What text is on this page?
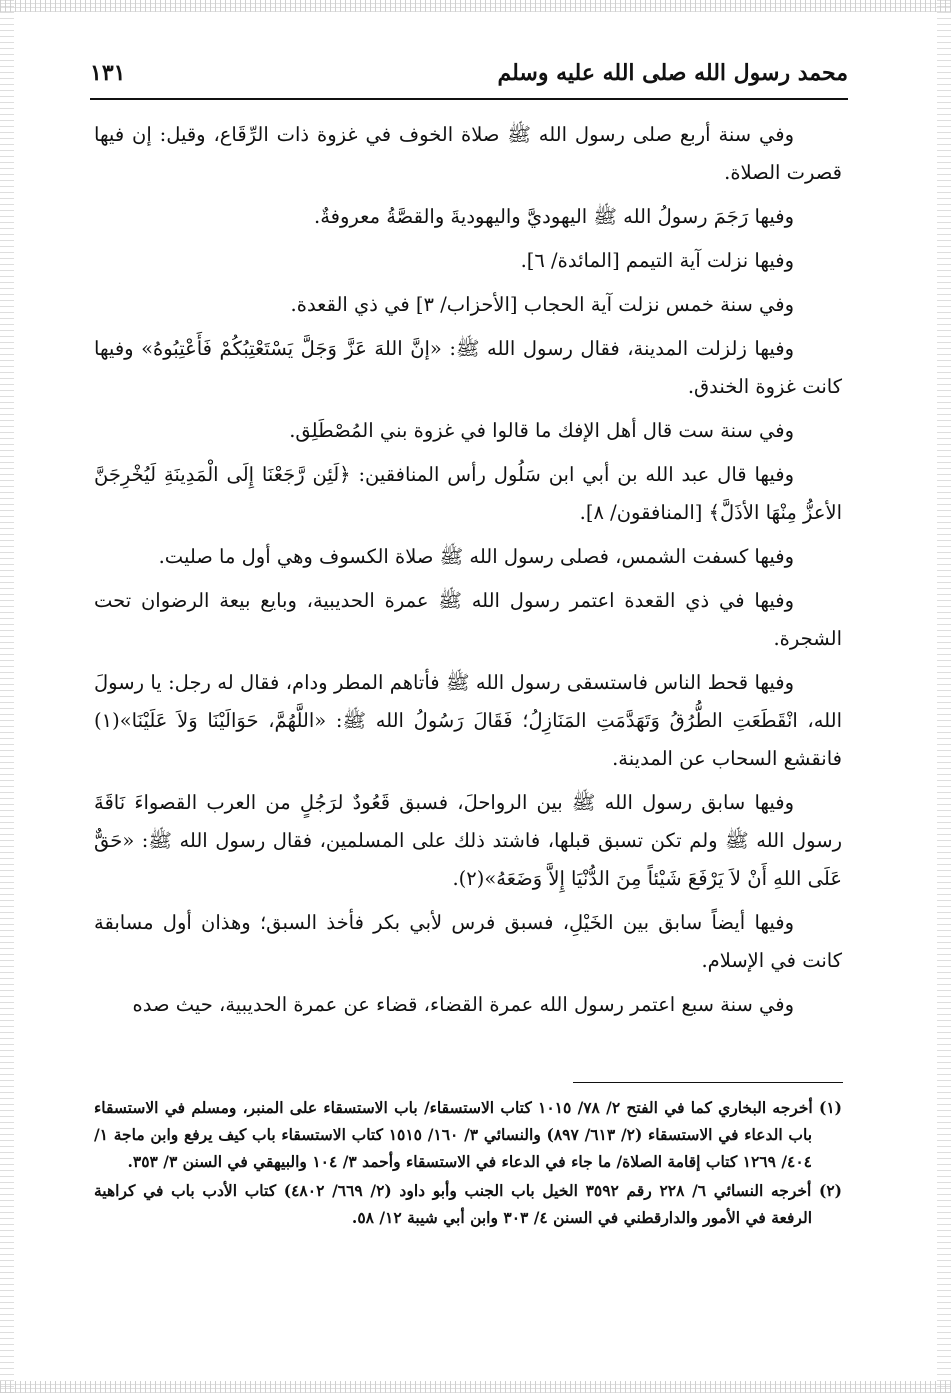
محمد رسول الله صلى الله عليه وسلم
١٣١

وفي سنة أربع صلى رسول الله ﷺ صلاة الخوف في غزوة ذات الرِّقَاع، وقيل: إن فيها قصرت الصلاة.

وفيها رَجَمَ رسولُ الله ﷺ اليهوديَّ واليهوديةَ والقصَّةُ معروفةٌ.

وفيها نزلت آية التيمم [المائدة/ ٦].

وفي سنة خمس نزلت آية الحجاب [الأحزاب/ ٣] في ذي القعدة.

وفيها زلزلت المدينة، فقال رسول الله ﷺ: «إنَّ اللهَ عَزَّ وَجَلَّ يَسْتَعْتِبُكُمْ فَأَعْتِبُوهُ» وفيها كانت غزوة الخندق.

وفي سنة ست قال أهل الإفك ما قالوا في غزوة بني المُصْطَلِق.

وفيها قال عبد الله بن أبي ابن سَلُول رأس المنافقين: ﴿لَئِن رَّجَعْنَا إِلَى الْمَدِينَةِ لَيُخْرِجَنَّ الأعزُّ مِنْهَا الأذَلَّ﴾ [المنافقون/ ٨].

وفيها كسفت الشمس، فصلى رسول الله ﷺ صلاة الكسوف وهي أول ما صليت.

وفيها في ذي القعدة اعتمر رسول الله ﷺ عمرة الحديبية، وبايع بيعة الرضوان تحت الشجرة.

وفيها قحط الناس فاستسقى رسول الله ﷺ فأتاهم المطر ودام، فقال له رجل: يا رسولَ الله، انْقَطَعَتِ الطُّرُقُ وَتَهَدَّمَتِ المَنَازِلُ؛ فَقَالَ رَسُولُ الله ﷺ: «اللَّهُمَّ، حَوَالَيْنَا وَلاَ عَلَيْنَا»(١) فانقشع السحاب عن المدينة.

وفيها سابق رسول الله ﷺ بين الرواحلَ، فسبق قَعُودٌ لرَجُلٍ من العرب القصواءَ نَاقَةَ رسول الله ﷺ ولم تكن تسبق قبلها، فاشتد ذلك على المسلمين، فقال رسول الله ﷺ: «حَقٌّ عَلَى اللهِ أَنْ لاَ يَرْفَعَ شَيْئاً مِنَ الدُّنْيَا إِلاَّ وَضَعَهُ»(٢).

وفيها أيضاً سابق بين الخَيْلِ، فسبق فرس لأبي بكر فأخذ السبق؛ وهذان أول مسابقة كانت في الإسلام.

وفي سنة سبع اعتمر رسول الله عمرة القضاء، قضاء عن عمرة الحديبية، حيث صده

(١) أخرجه البخاري كما في الفتح ٢/ ٧٨/ ١٠١٥ كتاب الاستسقاء/ باب الاستسقاء على المنبر، ومسلم في الاستسقاء باب الدعاء في الاستسقاء (٢/ ٦١٣/ ٨٩٧) والنسائي ٣/ ١٦٠/ ١٥١٥ كتاب الاستسقاء باب كيف يرفع وابن ماجة ١/ ٤٠٤/ ١٢٦٩ كتاب إقامة الصلاة/ ما جاء في الدعاء في الاستسقاء وأحمد ٣/ ١٠٤ والبيهقي في السنن ٣/ ٣٥٣.

(٢) أخرجه النسائي ٦/ ٢٢٨ رقم ٣٥٩٢ الخيل باب الجنب وأبو داود (٢/ ٦٦٩/ ٤٨٠٢) كتاب الأدب باب في كراهية الرفعة في الأمور والدارقطني في السنن ٤/ ٣٠٣ وابن أبي شيبة ١٢/ ٥٨.
